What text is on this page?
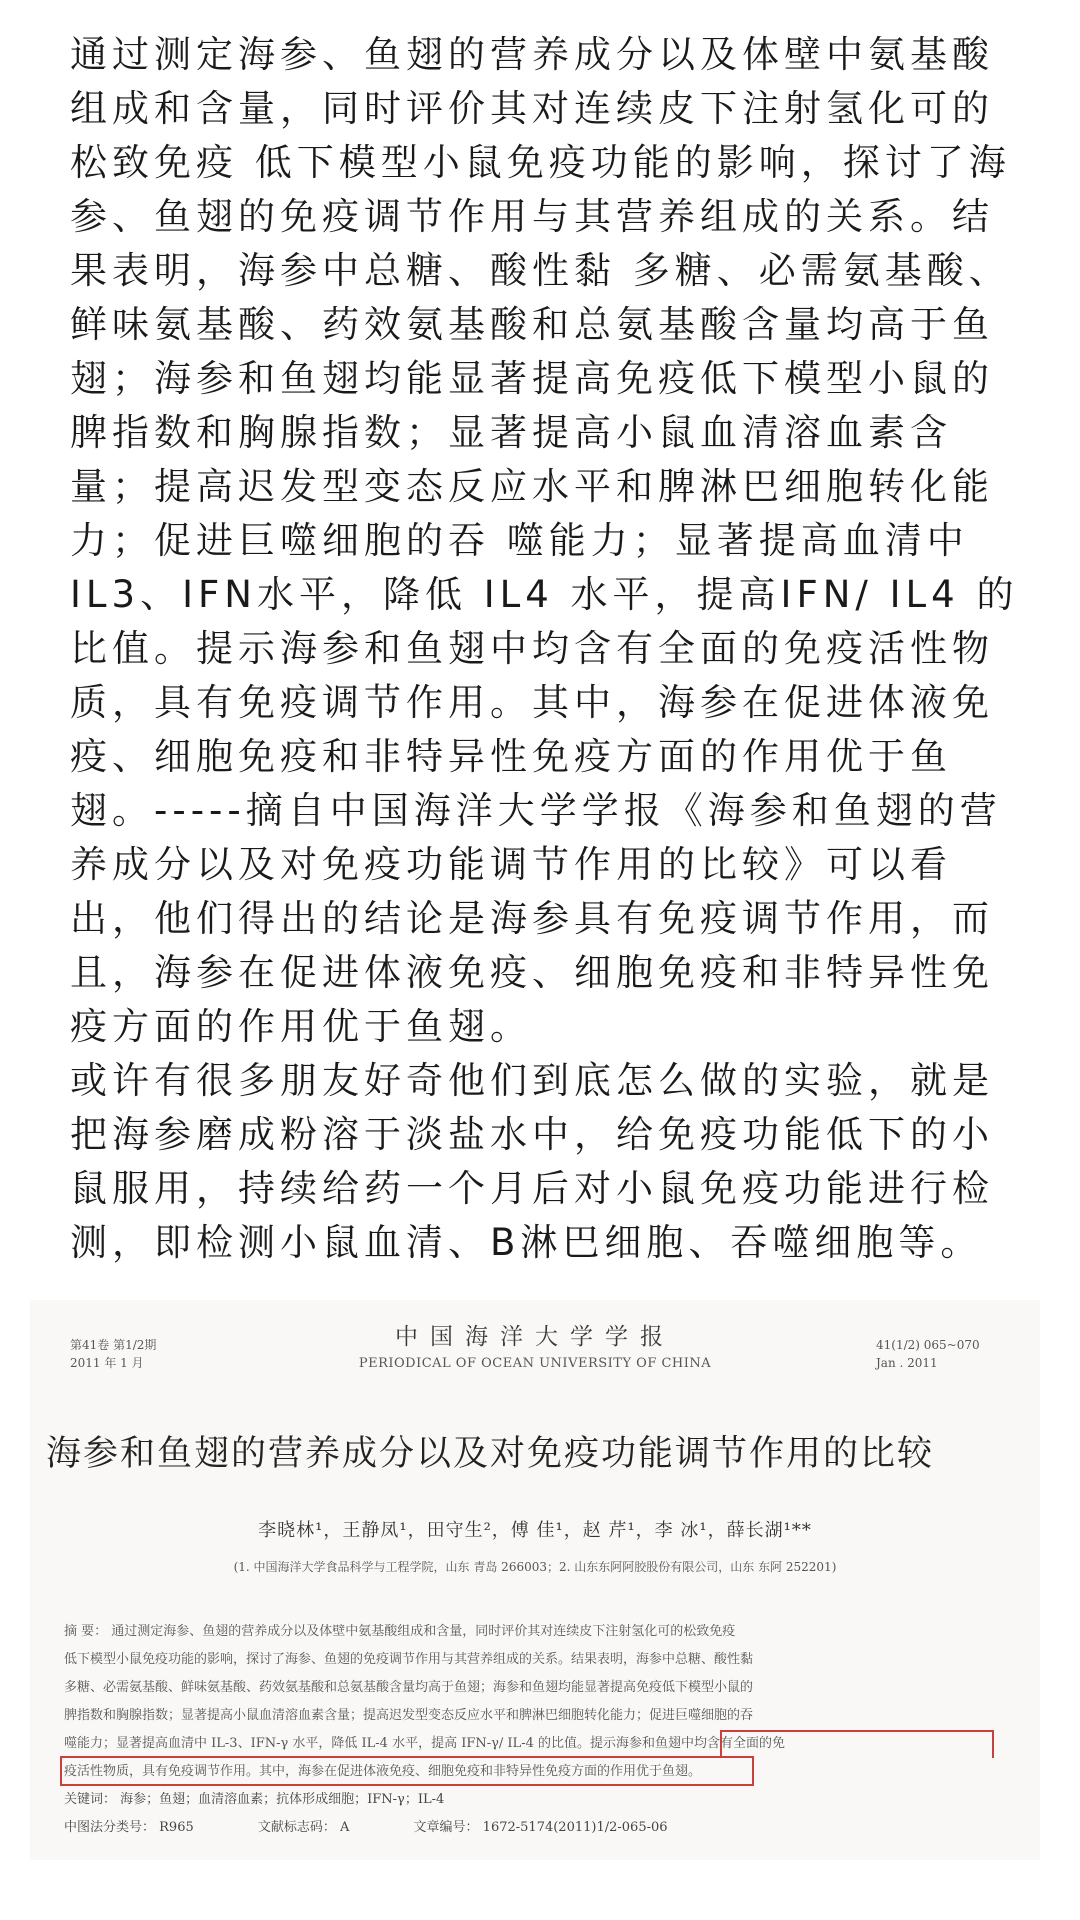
通过测定海参、鱼翅的营养成分以及体壁中氨基酸组成和含量，同时评价其对连续皮下注射氢化可的松致免疫 低下模型小鼠免疫功能的影响，探讨了海参、鱼翅的免疫调节作用与其营养组成的关系。结果表明，海参中总糖、酸性黏 多糖、必需氨基酸、鲜味氨基酸、药效氨基酸和总氨基酸含量均高于鱼翅；海参和鱼翅均能显著提高免疫低下模型小鼠的 脾指数和胸腺指数；显著提高小鼠血清溶血素含量；提高迟发型变态反应水平和脾淋巴细胞转化能力；促进巨噬细胞的吞 噬能力；显著提高血清中 IL3、IFN水平，降低 IL4 水平，提高IFN/ IL4 的比值。提示海参和鱼翅中均含有全面的免疫活性物质，具有免疫调节作用。其中，海参在促进体液免疫、细胞免疫和非特异性免疫方面的作用优于鱼翅。-----摘自中国海洋大学学报《海参和鱼翅的营养成分以及对免疫功能调节作用的比较》可以看出，他们得出的结论是海参具有免疫调节作用，而且，海参在促进体液免疫、细胞免疫和非特异性免疫方面的作用优于鱼翅。

或许有很多朋友好奇他们到底怎么做的实验，就是把海参磨成粉溶于淡盐水中，给免疫功能低下的小鼠服用，持续给药一个月后对小鼠免疫功能进行检测，即检测小鼠血清、B淋巴细胞、吞噬细胞等。

第41卷 第1/2期
2011 年 1 月
中国海洋大学学报
PERIODICAL OF OCEAN UNIVERSITY OF CHINA
41(1/2) 065~070
Jan . 2011
海参和鱼翅的营养成分以及对免疫功能调节作用的比较
李晓林¹，王静凤¹，田守生²，傅 佳¹，赵 芹¹，李 冰¹，薛长湖¹**
(1. 中国海洋大学食品科学与工程学院，山东 青岛 266003；2. 山东东阿阿胶股份有限公司，山东 东阿 252201)
摘 要： 通过测定海参、鱼翅的营养成分以及体壁中氨基酸组成和含量，同时评价其对连续皮下注射氢化可的松致免疫
低下模型小鼠免疫功能的影响，探讨了海参、鱼翅的免疫调节作用与其营养组成的关系。结果表明，海参中总糖、酸性黏
多糖、必需氨基酸、鲜味氨基酸、药效氨基酸和总氨基酸含量均高于鱼翅；海参和鱼翅均能显著提高免疫低下模型小鼠的
脾指数和胸腺指数；显著提高小鼠血清溶血素含量；提高迟发型变态反应水平和脾淋巴细胞转化能力；促进巨噬细胞的吞
噬能力；显著提高血清中 IL-3、IFN-γ 水平，降低 IL-4 水平，提高 IFN-γ/ IL-4 的比值。提示海参和鱼翅中均含有全面的免
疫活性物质，具有免疫调节作用。其中，海参在促进体液免疫、细胞免疫和非特异性免疫方面的作用优于鱼翅。
关键词： 海参；鱼翅；血清溶血素；抗体形成细胞；IFN-γ；IL-4
中图法分类号： R965	文献标志码： A	文章编号： 1672-5174(2011)1/2-065-06
